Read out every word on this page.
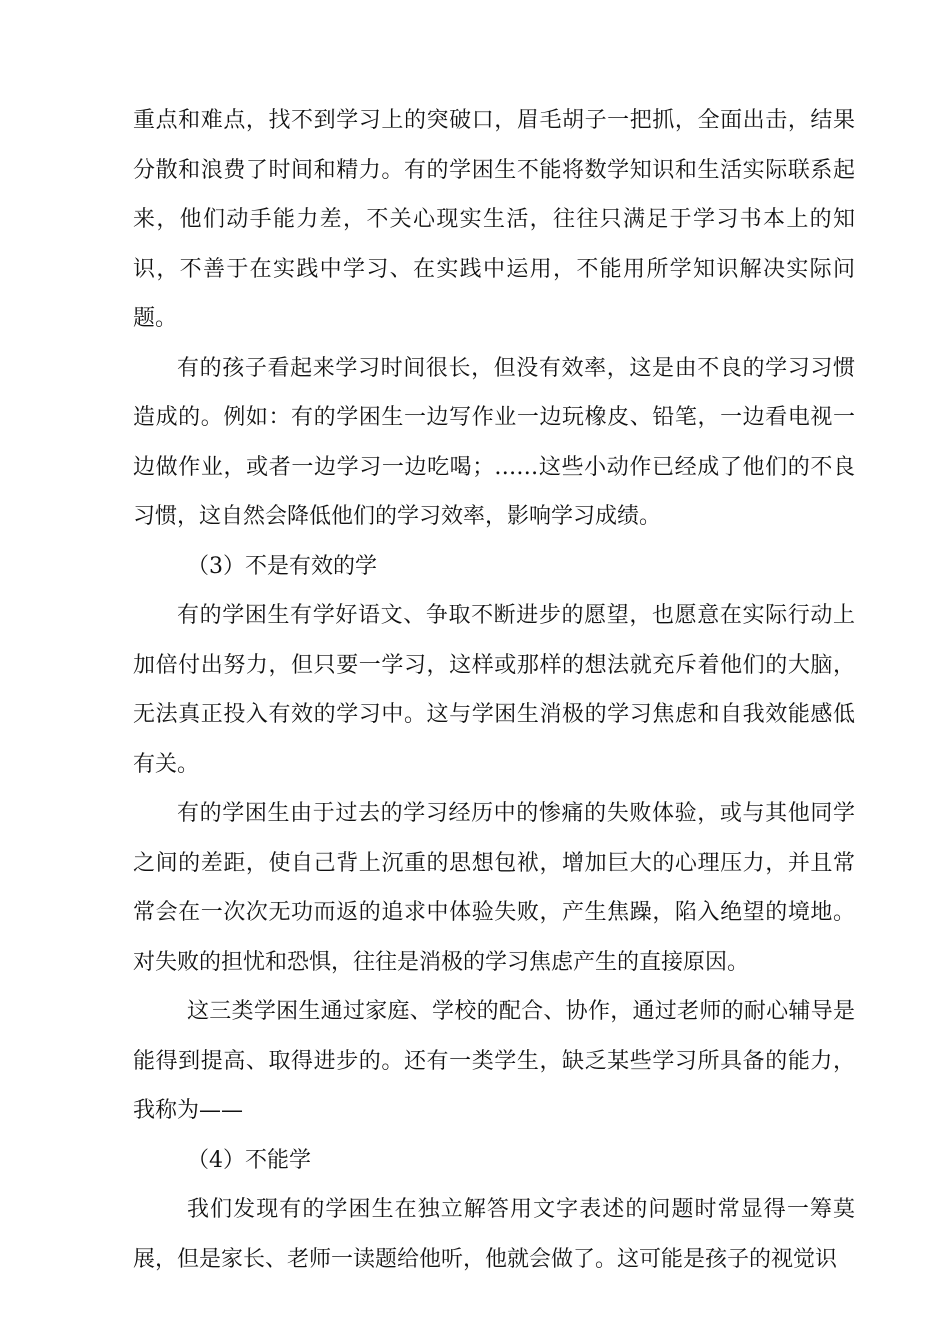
重点和难点，找不到学习上的突破口，眉毛胡子一把抓，全面出击，结果分散和浪费了时间和精力。有的学困生不能将数学知识和生活实际联系起来，他们动手能力差，不关心现实生活，往往只满足于学习书本上的知识，不善于在实践中学习、在实践中运用，不能用所学知识解决实际问题。

有的孩子看起来学习时间很长，但没有效率，这是由不良的学习习惯造成的。例如：有的学困生一边写作业一边玩橡皮、铅笔，一边看电视一边做作业，或者一边学习一边吃喝；……这些小动作已经成了他们的不良习惯，这自然会降低他们的学习效率，影响学习成绩。

（3）不是有效的学

有的学困生有学好语文、争取不断进步的愿望，也愿意在实际行动上加倍付出努力，但只要一学习，这样或那样的想法就充斥着他们的大脑，无法真正投入有效的学习中。这与学困生消极的学习焦虑和自我效能感低有关。

有的学困生由于过去的学习经历中的惨痛的失败体验，或与其他同学之间的差距，使自己背上沉重的思想包袱，增加巨大的心理压力，并且常常会在一次次无功而返的追求中体验失败，产生焦躁，陷入绝望的境地。对失败的担忧和恐惧，往往是消极的学习焦虑产生的直接原因。

这三类学困生通过家庭、学校的配合、协作，通过老师的耐心辅导是能得到提高、取得进步的。还有一类学生，缺乏某些学习所具备的能力，我称为——

（4）不能学

我们发现有的学困生在独立解答用文字表述的问题时常显得一筹莫展，但是家长、老师一读题给他听，他就会做了。这可能是孩子的视觉识
